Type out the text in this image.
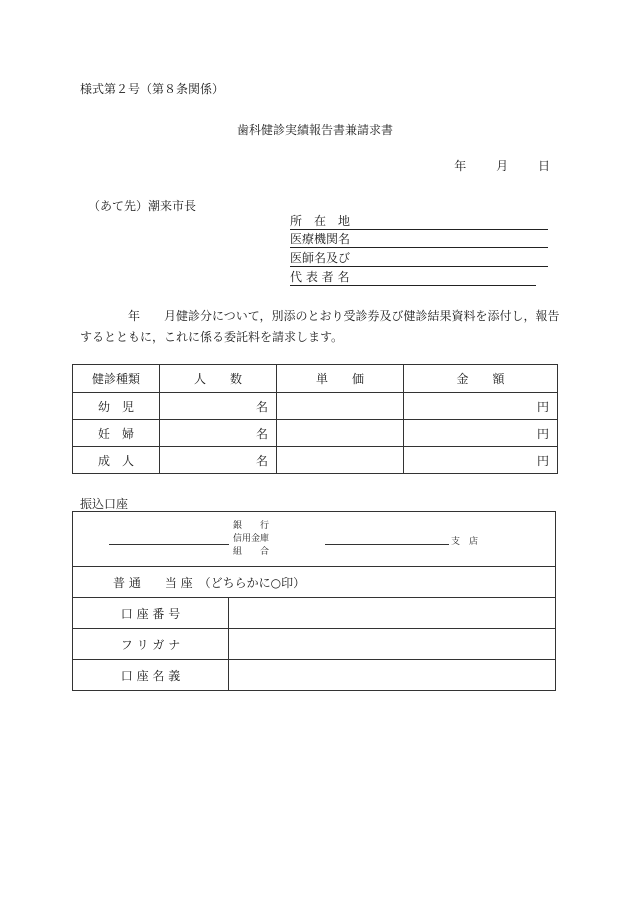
様式第２号（第８条関係）
歯科健診実績報告書兼請求書
年 月 日
（あて先）潮来市長
所　在　地
医療機関名
医師名及び
代 表 者 名
　　　　年　　月健診分について，別添のとおり受診券及び健診結果資料を添付し，報告するとともに，これに係る委託料を請求します。
健診種類	人　　数	単　　価	金　　額
幼　児	名		円
妊　婦	名		円
成　人	名		円
振込口座
銀　　行
信用金庫
組　　合
支　店	

普 通　　当 座　（どちらかに○印）	
口 座 番 号	
フ リ ガ ナ	
口 座 名 義	
